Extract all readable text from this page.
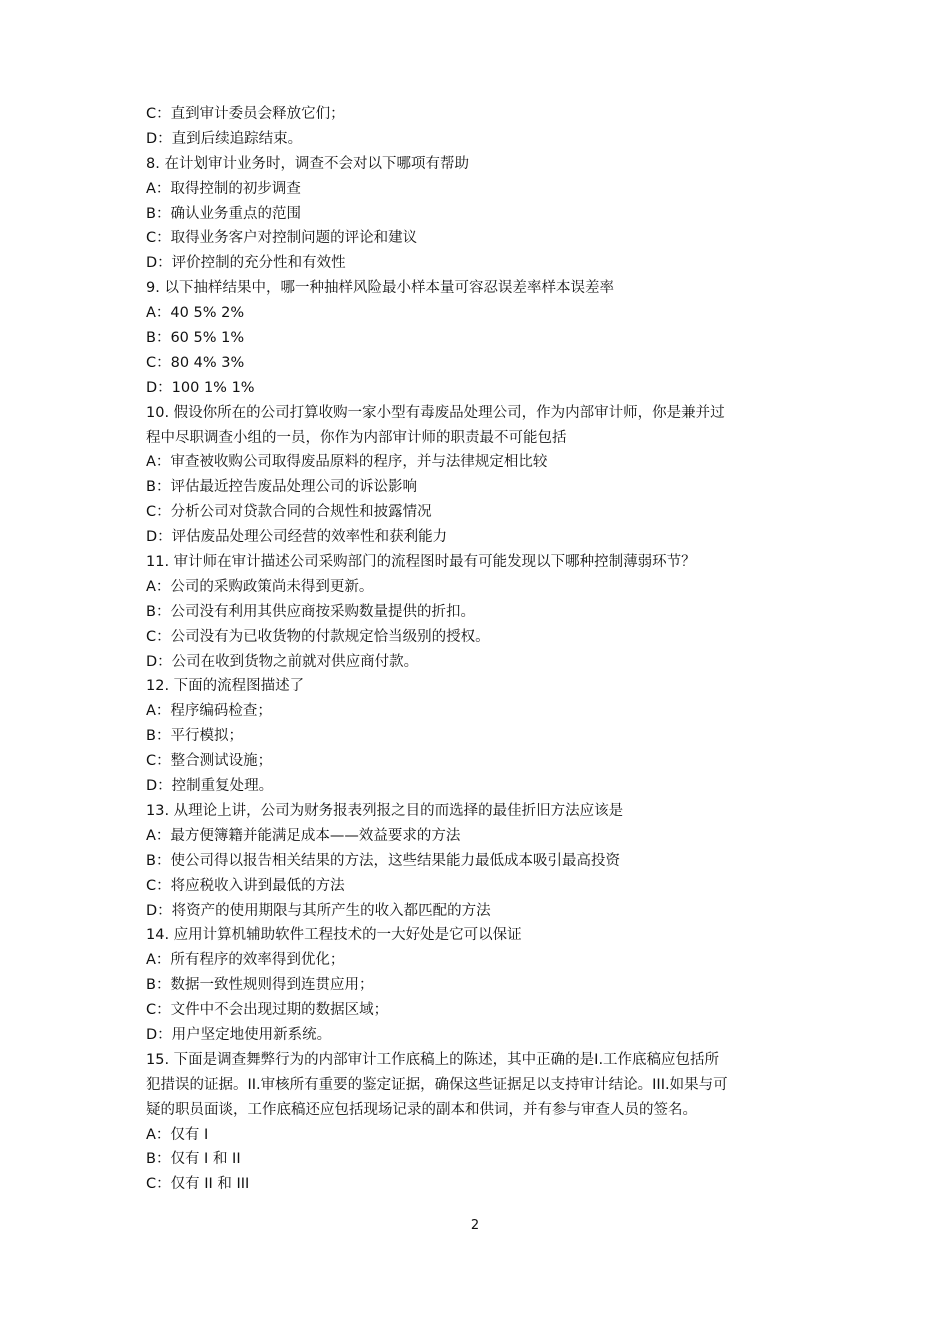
C：直到审计委员会释放它们；
D：直到后续追踪结束。
8. 在计划审计业务时，调查不会对以下哪项有帮助
A：取得控制的初步调查
B：确认业务重点的范围
C：取得业务客户对控制问题的评论和建议
D：评价控制的充分性和有效性
9. 以下抽样结果中，哪一种抽样风险最小样本量可容忍误差率样本误差率
A：40 5% 2%
B：60 5% 1%
C：80 4% 3%
D：100 1% 1%
10. 假设你所在的公司打算收购一家小型有毒废品处理公司，作为内部审计师，你是兼并过
程中尽职调查小组的一员，你作为内部审计师的职责最不可能包括
A：审查被收购公司取得废品原料的程序，并与法律规定相比较
B：评估最近控告废品处理公司的诉讼影响
C：分析公司对贷款合同的合规性和披露情况
D：评估废品处理公司经营的效率性和获利能力
11. 审计师在审计描述公司采购部门的流程图时最有可能发现以下哪种控制薄弱环节？
A：公司的采购政策尚未得到更新。
B：公司没有利用其供应商按采购数量提供的折扣。
C：公司没有为已收货物的付款规定恰当级别的授权。
D：公司在收到货物之前就对供应商付款。
12. 下面的流程图描述了
A：程序编码检查；
B：平行模拟；
C：整合测试设施；
D：控制重复处理。
13. 从理论上讲，公司为财务报表列报之目的而选择的最佳折旧方法应该是
A：最方便簿籍并能满足成本——效益要求的方法
B：使公司得以报告相关结果的方法，这些结果能力最低成本吸引最高投资
C：将应税收入讲到最低的方法
D：将资产的使用期限与其所产生的收入都匹配的方法
14. 应用计算机辅助软件工程技术的一大好处是它可以保证
A：所有程序的效率得到优化；
B：数据一致性规则得到连贯应用；
C：文件中不会出现过期的数据区域；
D：用户坚定地使用新系统。
15. 下面是调查舞弊行为的内部审计工作底稿上的陈述，其中正确的是I.工作底稿应包括所
犯措误的证据。II.审核所有重要的鉴定证据，确保这些证据足以支持审计结论。III.如果与可
疑的职员面谈，工作底稿还应包括现场记录的副本和供词，并有参与审查人员的签名。
A：仅有 I
B：仅有 I 和 II
C：仅有 II 和 III
2
